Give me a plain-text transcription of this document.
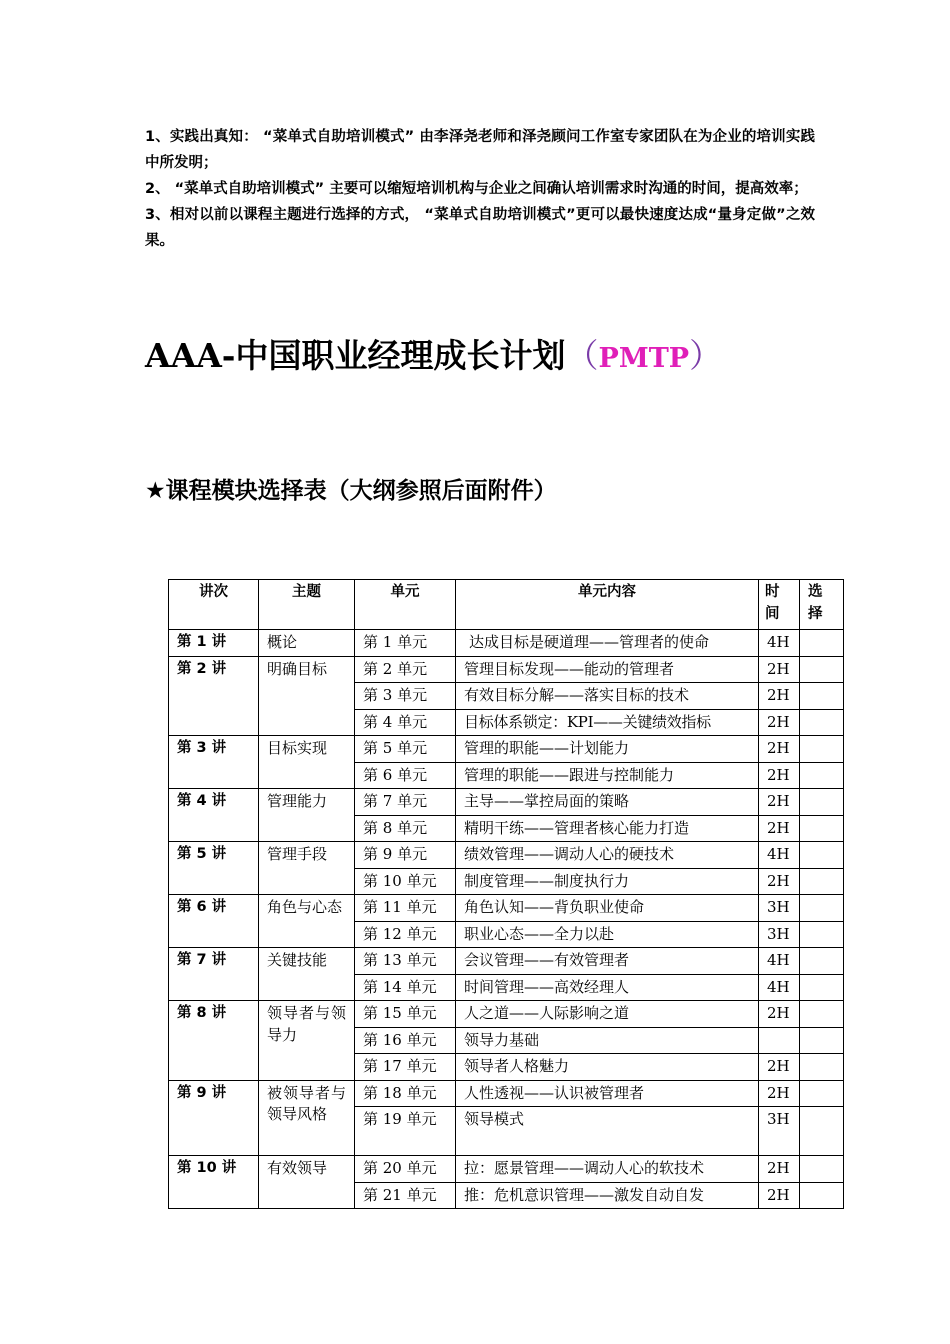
1、实践出真知： “菜单式自助培训模式” 由李泽尧老师和泽尧顾问工作室专家团队在为企业的培训实践中所发明；

2、 “菜单式自助培训模式” 主要可以缩短培训机构与企业之间确认培训需求时沟通的时间，提高效率；

3、相对以前以课程主题进行选择的方式， “菜单式自助培训模式”更可以最快速度达成“量身定做”之效果。

AAA-中国职业经理成长计划（PMTP）
★课程模块选择表（大纲参照后面附件）
讲次	主题	单元	单元内容	时间	选择
第 1 讲	概论	第 1 单元	达成目标是硬道理——管理者的使命	4H	
第 2 讲	明确目标	第 2 单元	管理目标发现——能动的管理者	2H	
		第 3 单元	有效目标分解——落实目标的技术	2H	
		第 4 单元	目标体系锁定：KPI——关键绩效指标	2H	
第 3 讲	目标实现	第 5 单元	管理的职能——计划能力	2H	
		第 6 单元	管理的职能——跟进与控制能力	2H	
第 4 讲	管理能力	第 7 单元	主导——掌控局面的策略	2H	
		第 8 单元	精明干练——管理者核心能力打造	2H	
第 5 讲	管理手段	第 9 单元	绩效管理——调动人心的硬技术	4H	
		第 10 单元	制度管理——制度执行力	2H	
第 6 讲	角色与心态	第 11 单元	角色认知——背负职业使命	3H	
		第 12 单元	职业心态——全力以赴	3H	
第 7 讲	关键技能	第 13 单元	会议管理——有效管理者	4H	
		第 14 单元	时间管理——高效经理人	4H	
第 8 讲	领导者与领导力	第 15 单元	人之道——人际影响之道	2H	
		第 16 单元	领导力基础		
		第 17 单元	领导者人格魅力	2H	
第 9 讲	被领导者与领导风格	第 18 单元	人性透视——认识被管理者	2H	
		第 19 单元	领导模式	3H	
第 10 讲	有效领导	第 20 单元	拉：愿景管理——调动人心的软技术	2H	
		第 21 单元	推：危机意识管理——激发自动自发	2H	
